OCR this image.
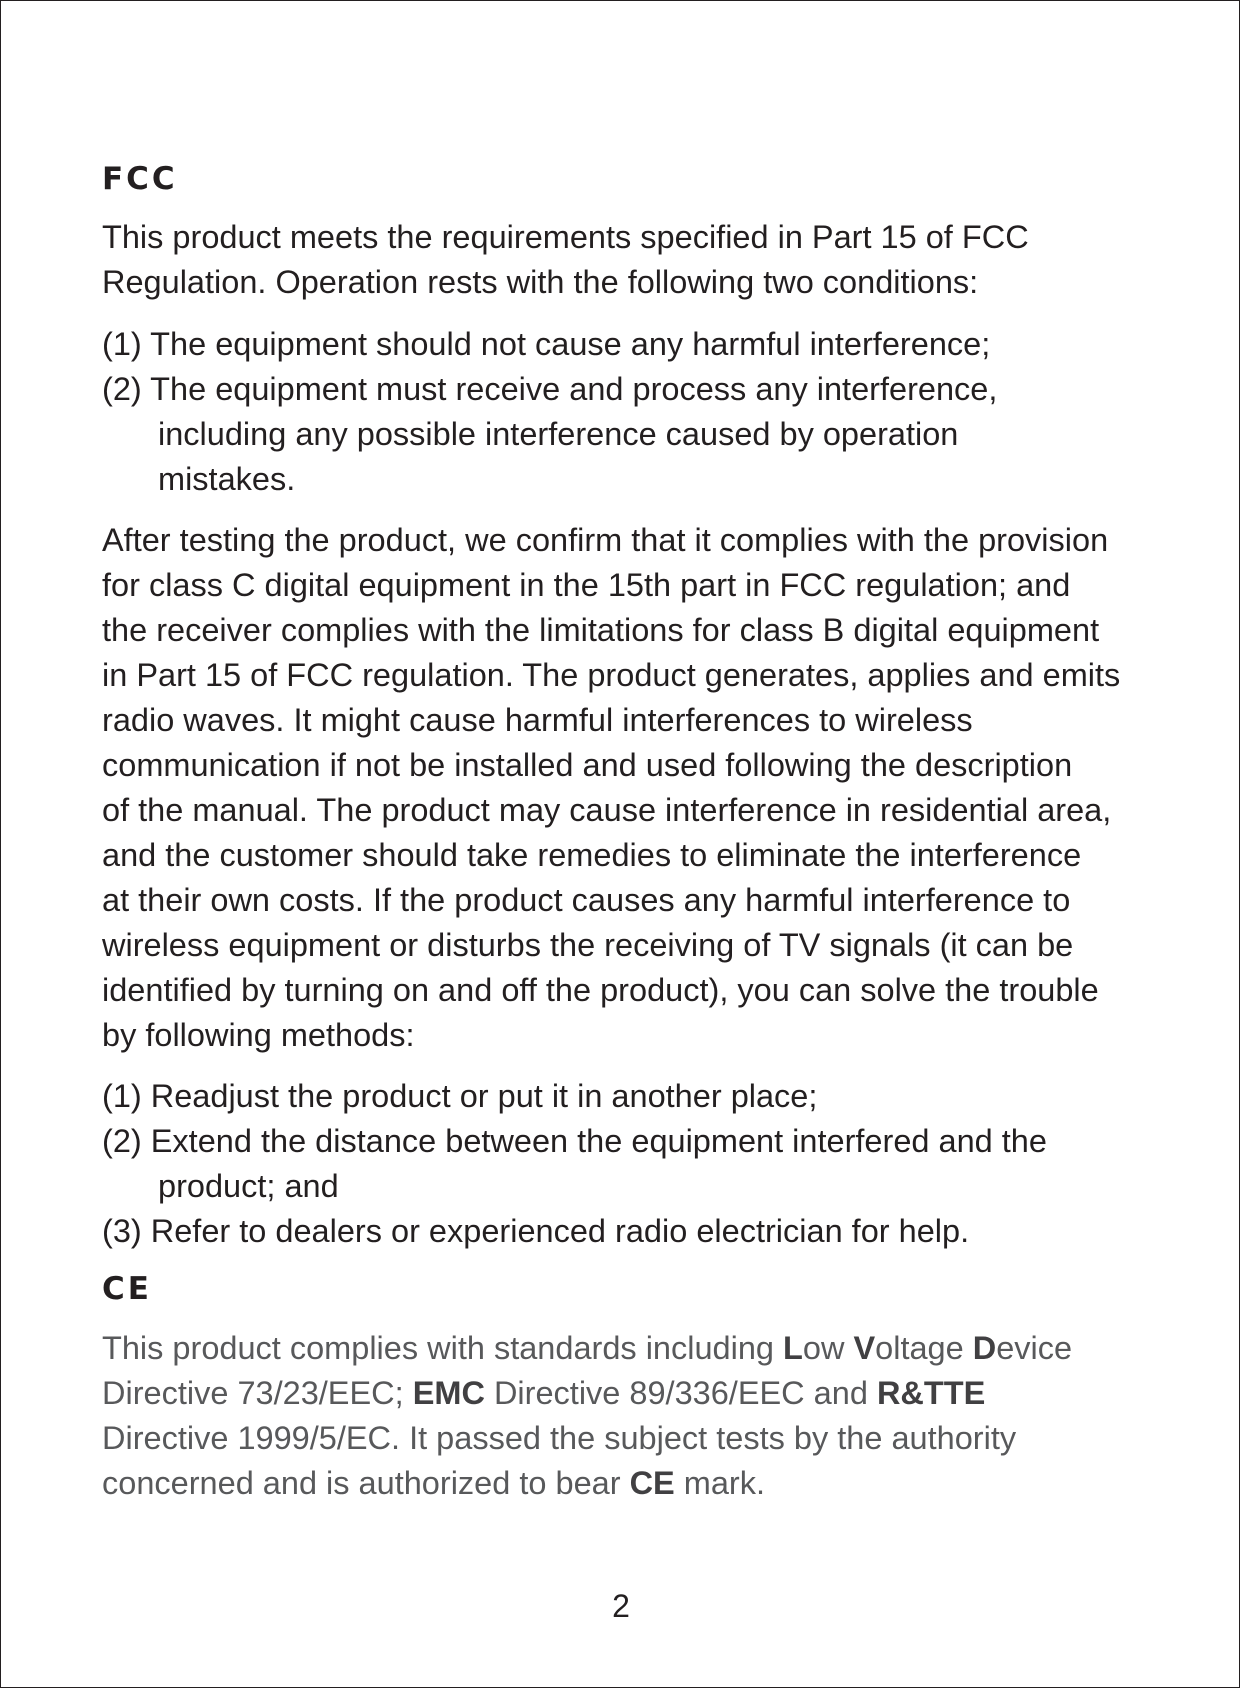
FCC

This product meets the requirements specified in Part 15 of FCC
Regulation. Operation rests with the following two conditions:

(1) The equipment should not cause any harmful interference;
(2) The equipment must receive and process any interference,
including any possible interference caused by operation
mistakes.

After testing the product, we confirm that it complies with the provision
for class C digital equipment in the 15th part in FCC regulation; and
the receiver complies with the limitations for class B digital equipment
in Part 15 of FCC regulation. The product generates, applies and emits
radio waves. It might cause harmful interferences to wireless
communication if not be installed and used following the description
of the manual. The product may cause interference in residential area,
and the customer should take remedies to eliminate the interference
at their own costs. If the product causes any harmful interference to
wireless equipment or disturbs the receiving of TV signals (it can be
identified by turning on and off the product), you can solve the trouble
by following methods:

(1) Readjust the product or put it in another place;
(2) Extend the distance between the equipment interfered and the
product; and
(3) Refer to dealers or experienced radio electrician for help.
CE

This product complies with standards including Low Voltage Device
Directive 73/23/EEC; EMC Directive 89/336/EEC and R&TTE
Directive 1999/5/EC. It passed the subject tests by the authority
concerned and is authorized to bear CE mark.

2
